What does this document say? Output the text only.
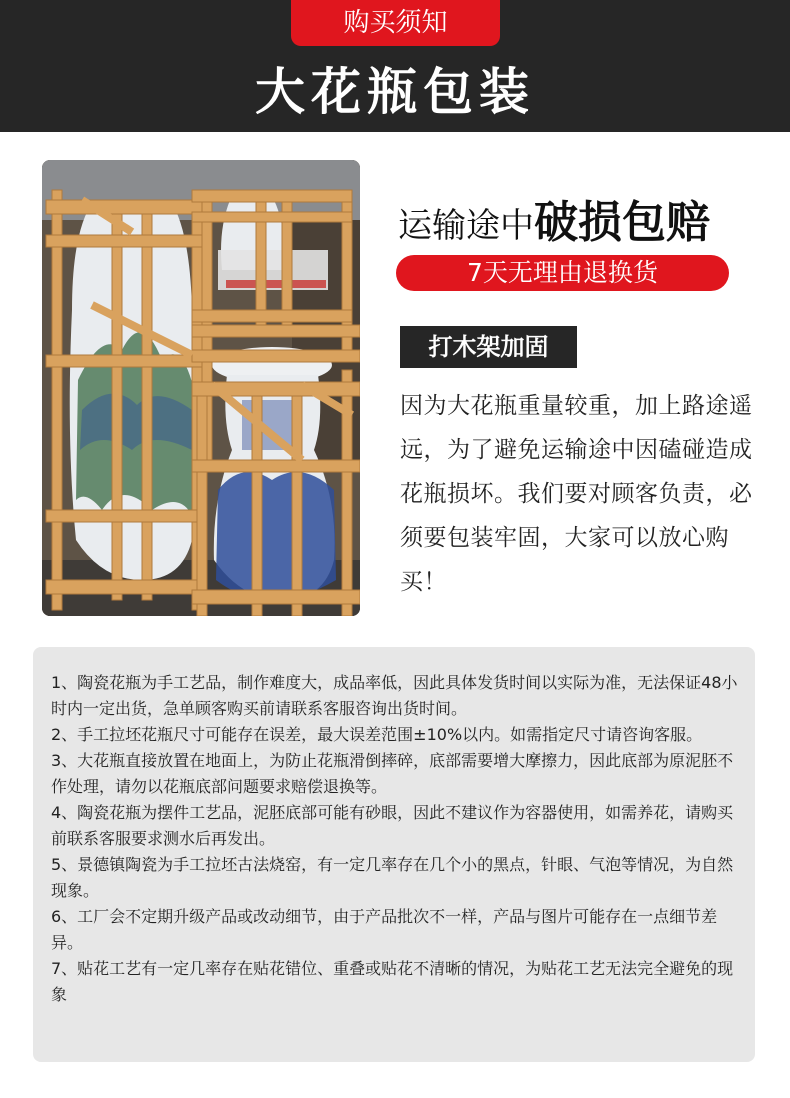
购买须知
大花瓶包装
运输途中破损包赔
7天无理由退换货
打木架加固
因为大花瓶重量较重，加上路途遥远，为了避免运输途中因磕碰造成花瓶损坏。我们要对顾客负责，必须要包装牢固，大家可以放心购买！

1、陶瓷花瓶为手工艺品，制作难度大，成品率低，因此具体发货时间以实际为准，无法保证48小时内一定出货，急单顾客购买前请联系客服咨询出货时间。

2、手工拉坯花瓶尺寸可能存在误差，最大误差范围±10%以内。如需指定尺寸请咨询客服。

3、大花瓶直接放置在地面上，为防止花瓶滑倒摔碎，底部需要增大摩擦力，因此底部为原泥胚不作处理，请勿以花瓶底部问题要求赔偿退换等。

4、陶瓷花瓶为摆件工艺品，泥胚底部可能有砂眼，因此不建议作为容器使用，如需养花，请购买前联系客服要求测水后再发出。

5、景德镇陶瓷为手工拉坯古法烧窑，有一定几率存在几个小的黑点，针眼、气泡等情况，为自然现象。

6、工厂会不定期升级产品或改动细节，由于产品批次不一样，产品与图片可能存在一点细节差异。

7、贴花工艺有一定几率存在贴花错位、重叠或贴花不清晰的情况，为贴花工艺无法完全避免的现象
